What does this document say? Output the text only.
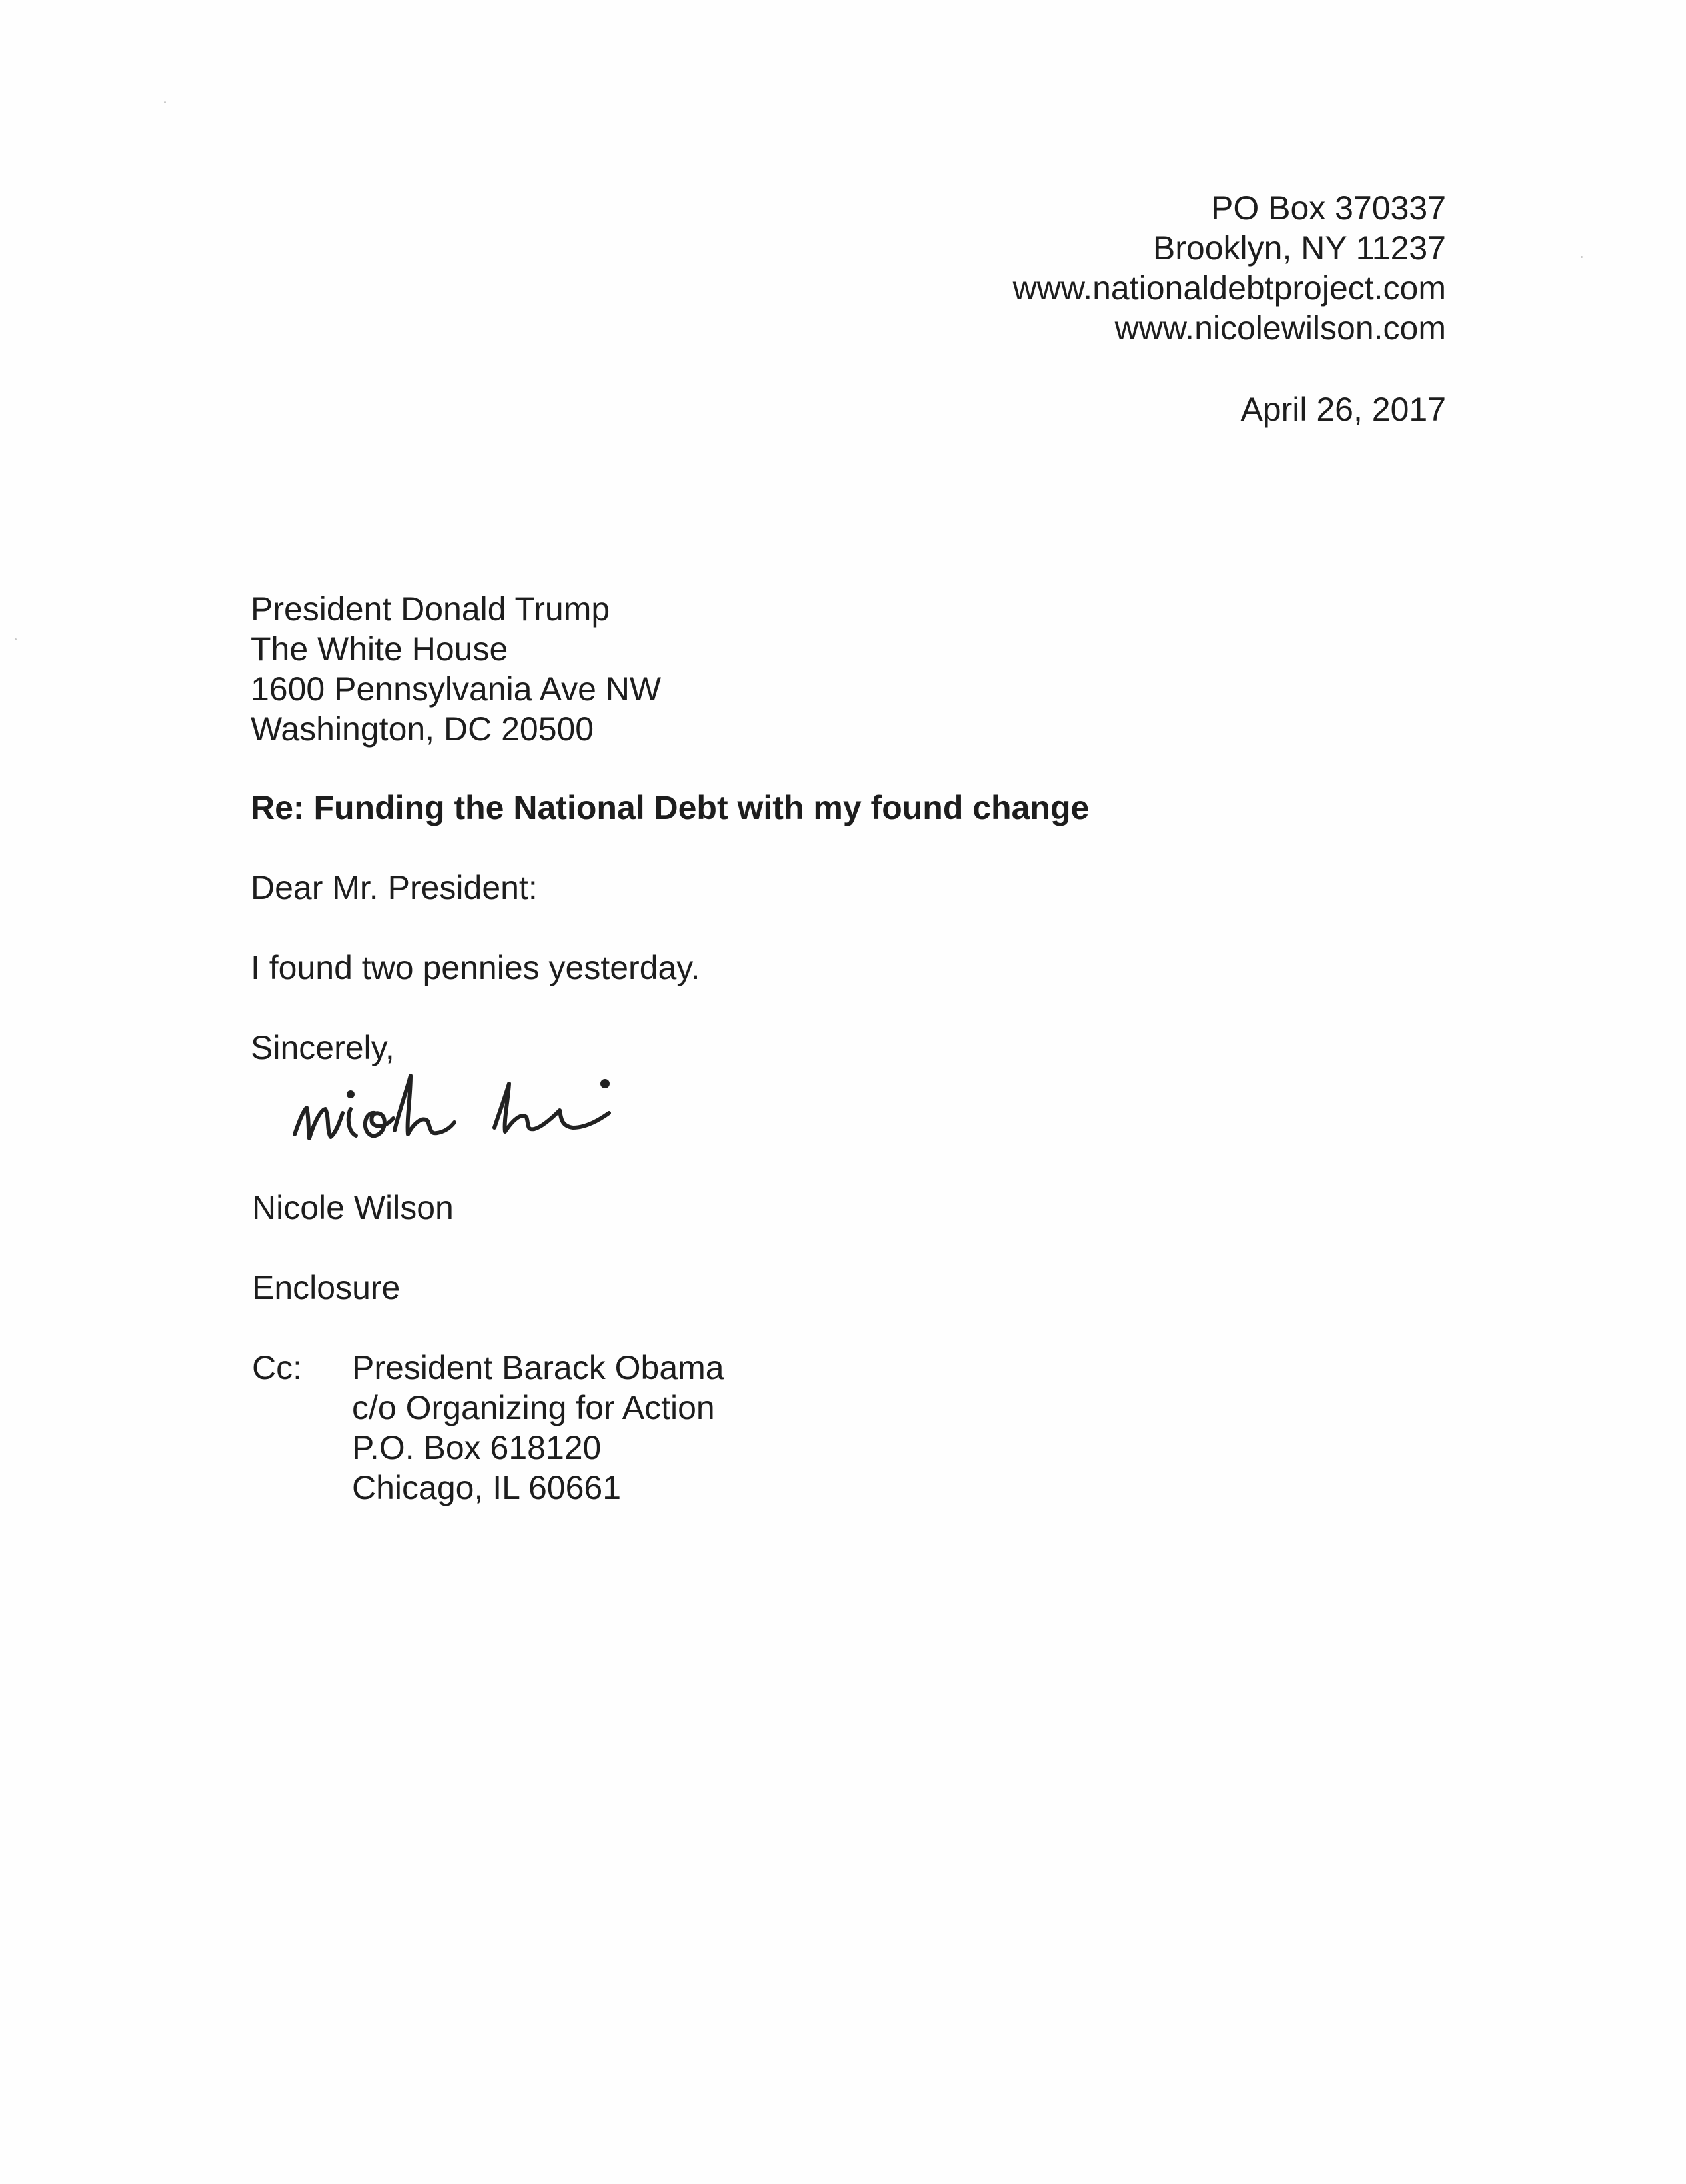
PO Box 370337
Brooklyn, NY 11237
www.nationaldebtproject.com
www.nicolewilson.com
April 26, 2017
President Donald Trump
The White House
1600 Pennsylvania Ave NW
Washington, DC 20500
Re: Funding the National Debt with my found change
Dear Mr. President:
I found two pennies yesterday.
Sincerely,
Nicole Wilson
Enclosure
Cc: President Barack Obama
c/o Organizing for Action
P.O. Box 618120
Chicago, IL 60661
